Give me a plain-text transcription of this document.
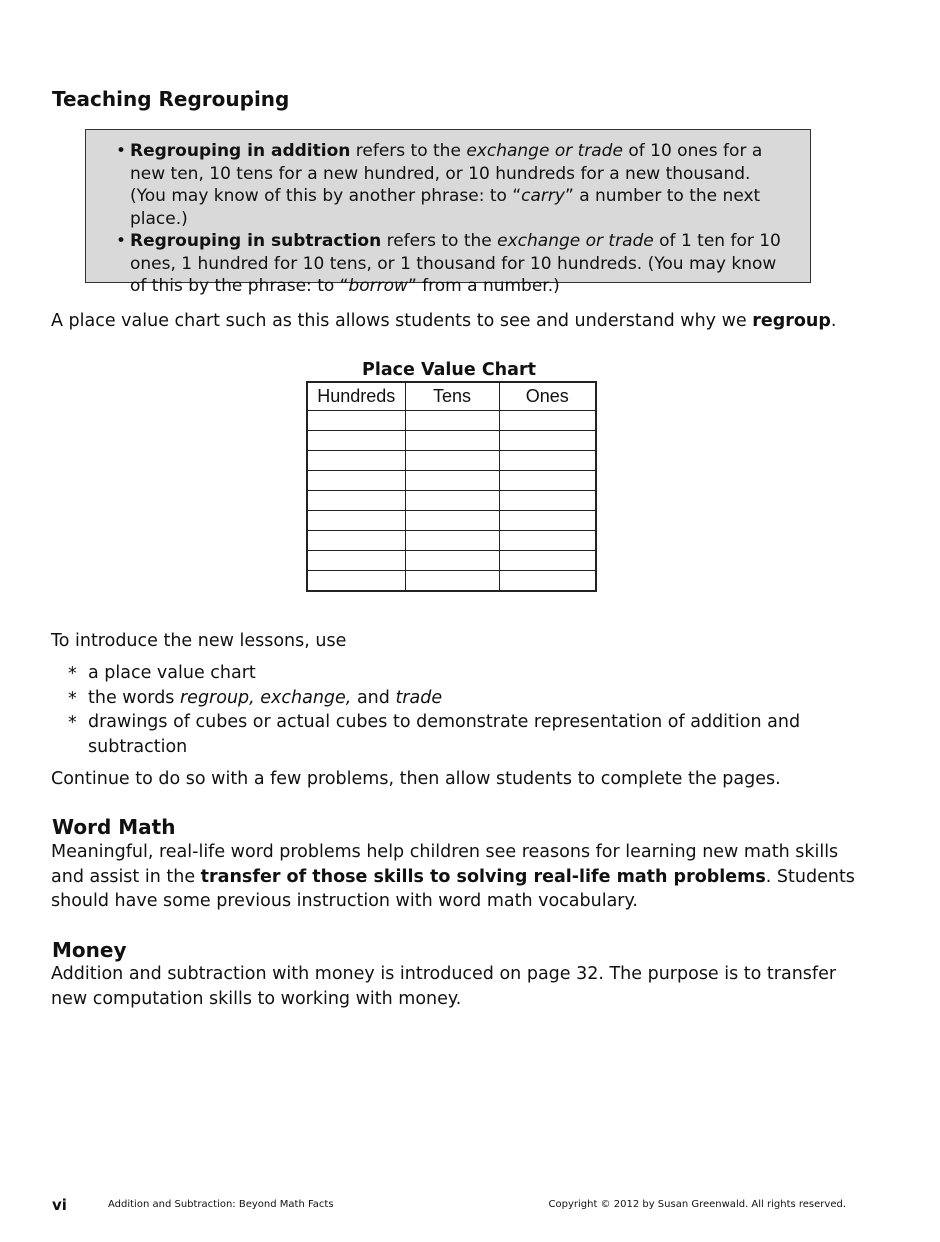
Teaching Regrouping
• Regrouping in addition refers to the exchange or trade of 10 ones for a new ten, 10 tens for a new hundred, or 10 hundreds for a new thousand. (You may know of this by another phrase: to “carry” a number to the next place.)
• Regrouping in subtraction refers to the exchange or trade of 1 ten for 10 ones, 1 hundred for 10 tens, or 1 thousand for 10 hundreds. (You may know of this by the phrase: to “borrow” from a number.)

A place value chart such as this allows students to see and understand why we regroup.

Place Value Chart

Hundreds	Tens	Ones

To introduce the new lessons, use

* a place value chart
* the words regroup, exchange, and trade
* drawings of cubes or actual cubes to demonstrate representation of addition and subtraction

Continue to do so with a few problems, then allow students to complete the pages.

Word Math

Meaningful, real-life word problems help children see reasons for learning new math skills and assist in the transfer of those skills to solving real-life math problems. Students should have some previous instruction with word math vocabulary.

Money

Addition and subtraction with money is introduced on page 32. The purpose is to transfer new computation skills to working with money.

vi	Addition and Subtraction: Beyond Math Facts	Copyright © 2012 by Susan Greenwald. All rights reserved.
